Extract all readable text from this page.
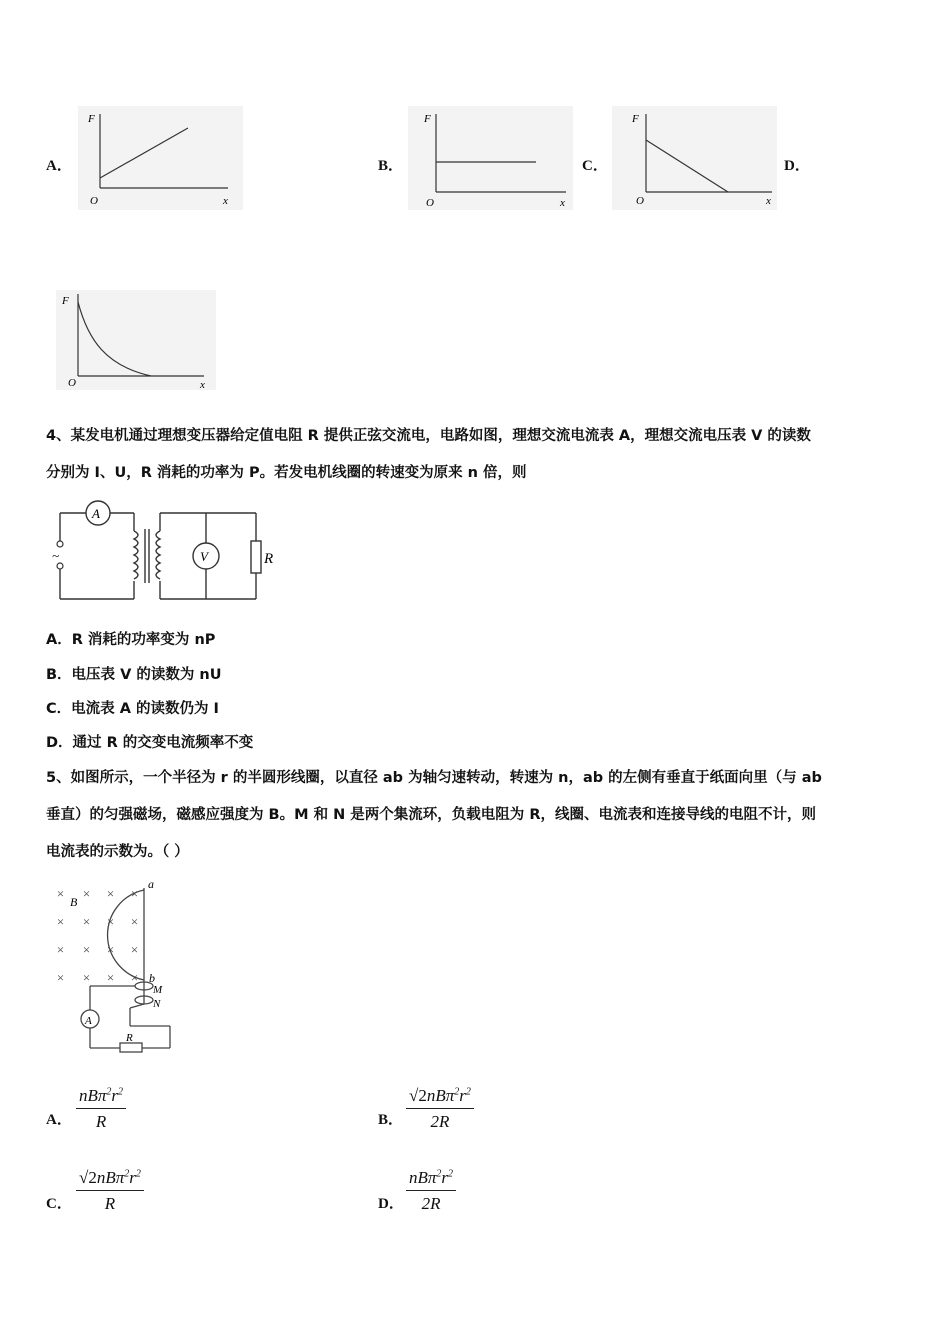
A．	B．	C．	D．
F
O	x
F
O	x
F
O	x
F
O	x
4、某发电机通过理想变压器给定值电阻 R 提供正弦交流电，电路如图，理想交流电流表 A，理想交流电压表 V 的读数
分别为 I、U，R 消耗的功率为 P。若发电机线圈的转速变为原来 n 倍，则
A
V	R
~
A．R 消耗的功率变为 nP
B．电压表 V 的读数为 nU
C．电流表 A 的读数仍为 I
D．通过 R 的交变电流频率不变
5、如图所示，一个半径为 r 的半圆形线圈，以直径 ab 为轴匀速转动，转速为 n，ab 的左侧有垂直于纸面向里（与 ab
垂直）的匀强磁场，磁感应强度为 B。M 和 N 是两个集流环，负载电阻为 R，线圈、电流表和连接导线的电阻不计，则
电流表的示数为。（ ）
× × × ×
× × × ×
× × × ×
× × × ×
B
A
a
b
M
N
R
A． $\frac{nB\pi^2r^2}{R}$	B． $\frac{√2nB\pi^2r^2}{2R}$
C． $\frac{√2nB\pi^2r^2}{R}$	D． $\frac{nB\pi^2r^2}{2R}$
